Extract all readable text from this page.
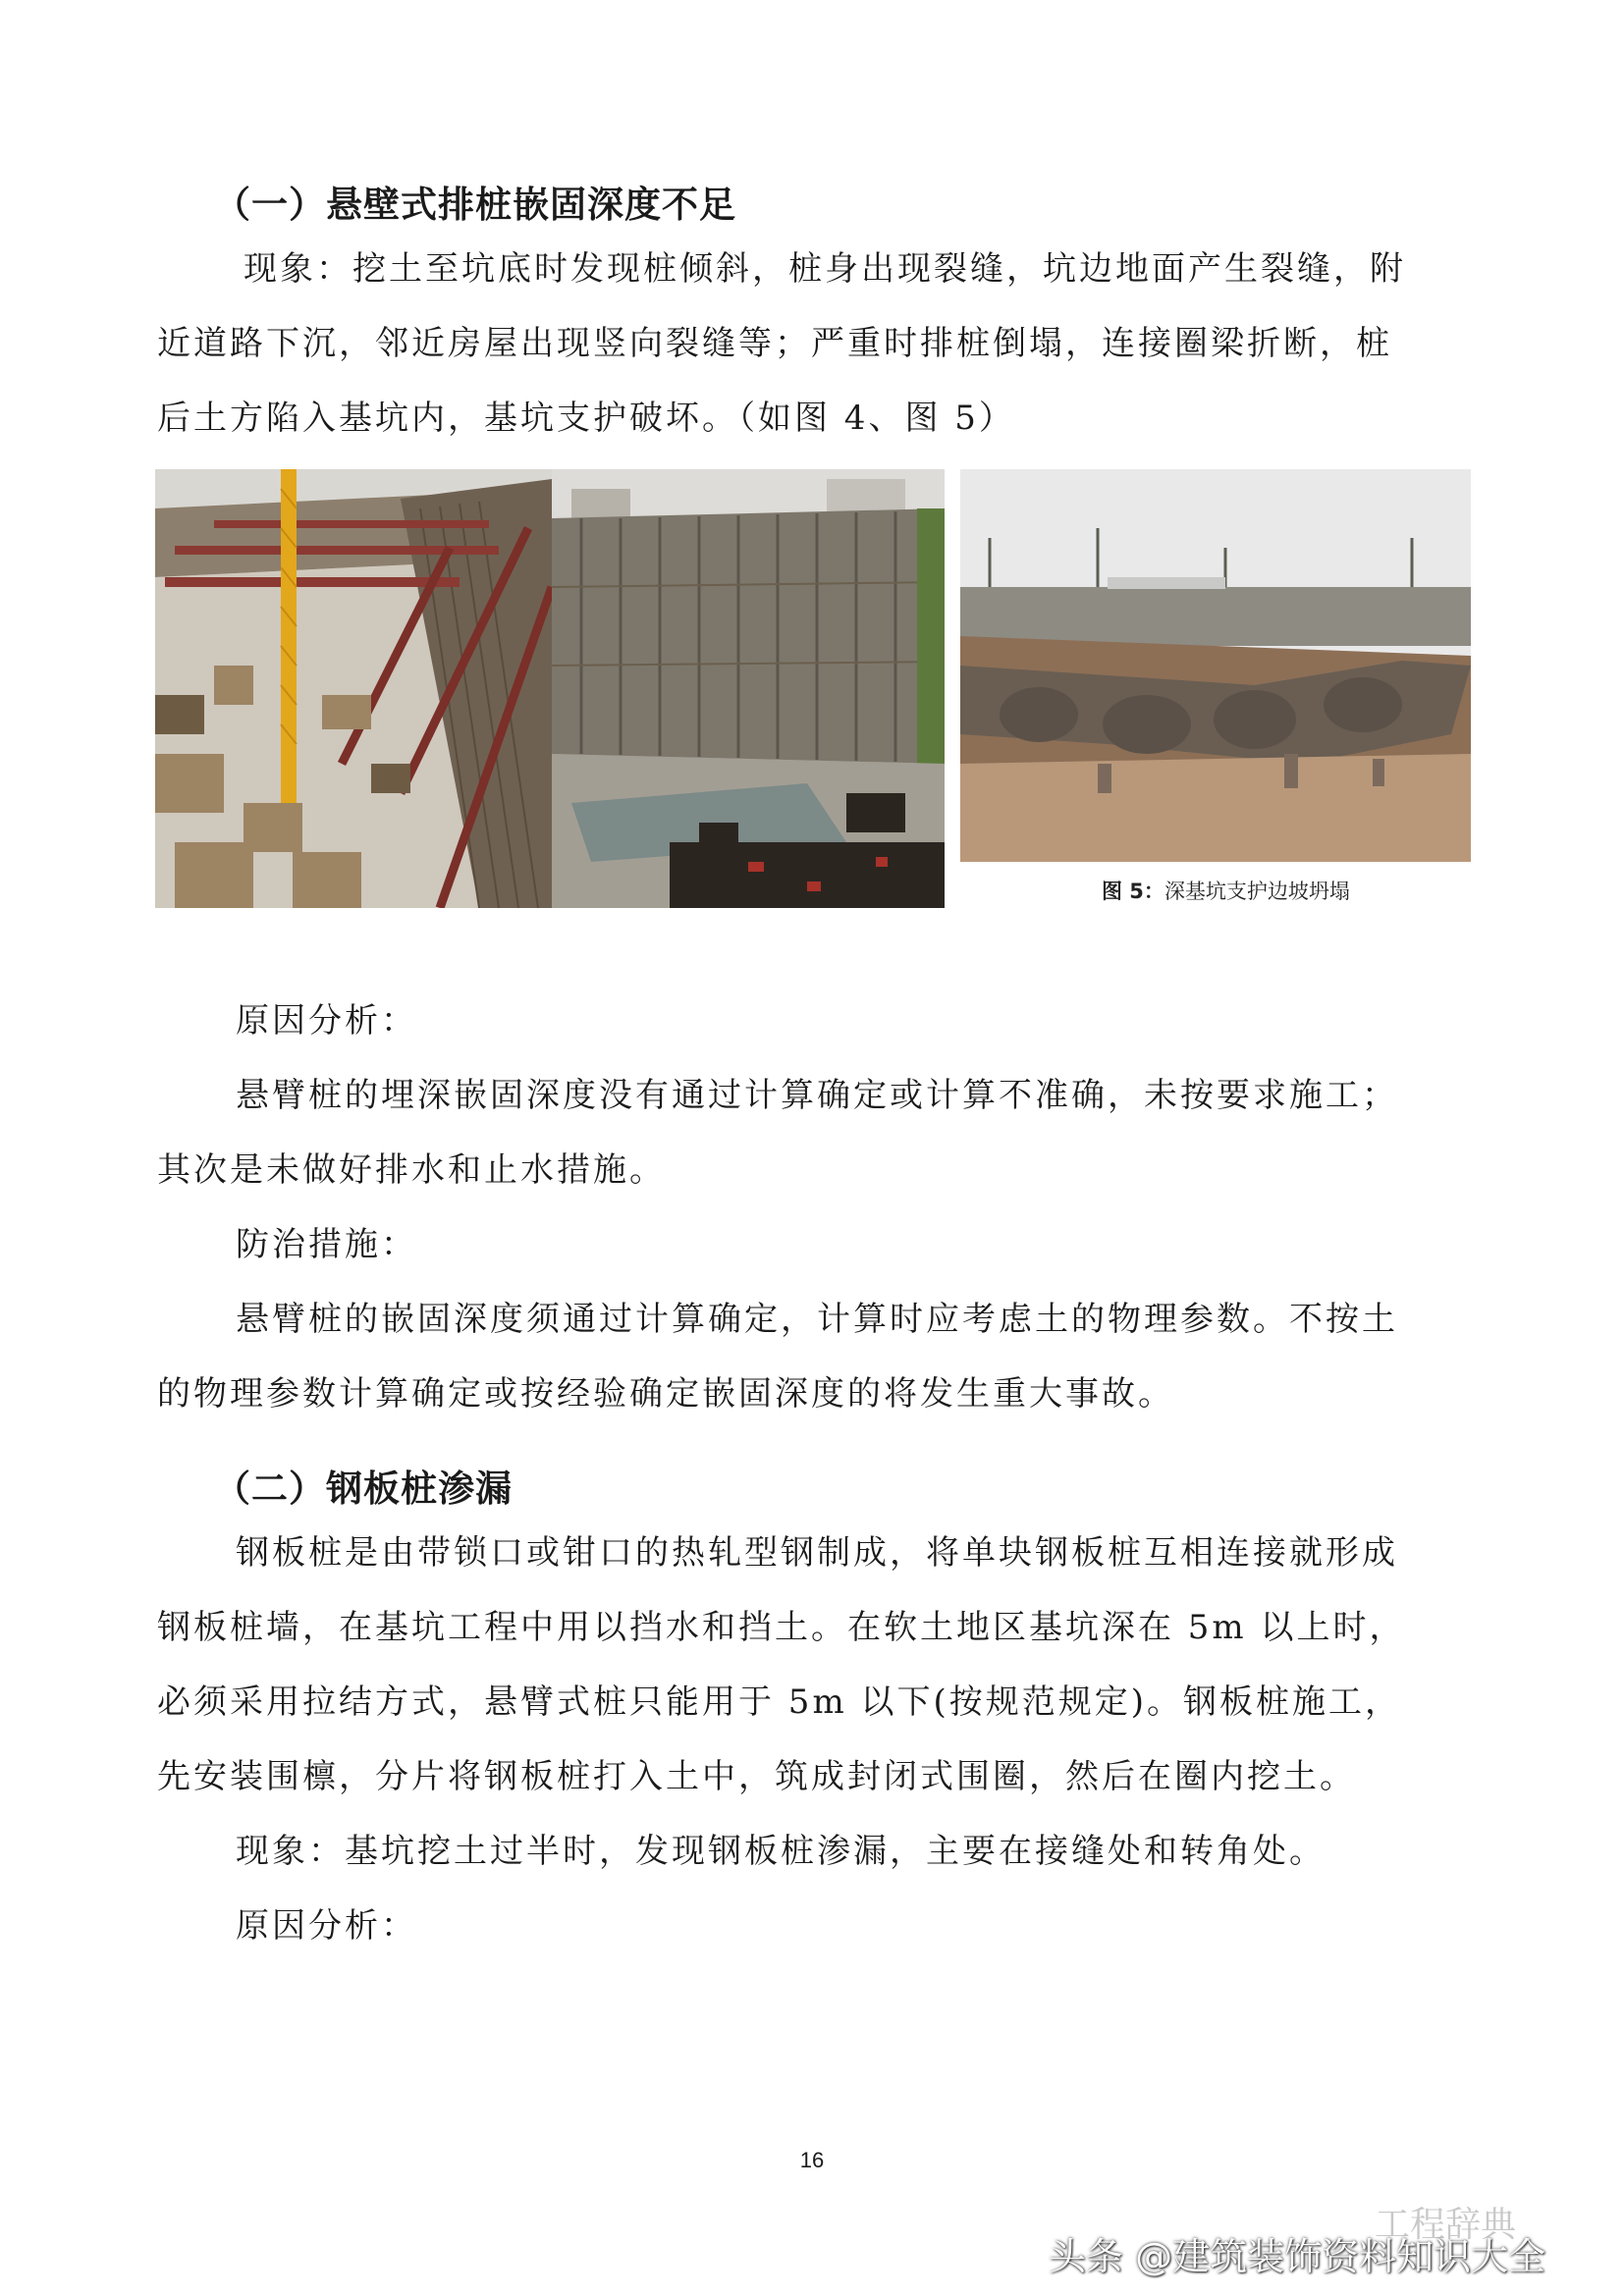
（一）悬壁式排桩嵌固深度不足
现象：挖土至坑底时发现桩倾斜，桩身出现裂缝，坑边地面产生裂缝，附
近道路下沉，邻近房屋出现竖向裂缝等；严重时排桩倒塌，连接圈梁折断，桩
后土方陷入基坑内，基坑支护破坏。（如图 4、图 5）
图 5：深基坑支护边坡坍塌
原因分析：
悬臂桩的埋深嵌固深度没有通过计算确定或计算不准确，未按要求施工；
其次是未做好排水和止水措施。
防治措施：
悬臂桩的嵌固深度须通过计算确定，计算时应考虑土的物理参数。不按土
的物理参数计算确定或按经验确定嵌固深度的将发生重大事故。
（二）钢板桩渗漏
钢板桩是由带锁口或钳口的热轧型钢制成，将单块钢板桩互相连接就形成
钢板桩墙，在基坑工程中用以挡水和挡土。在软土地区基坑深在 5m 以上时，
必须采用拉结方式，悬臂式桩只能用于 5m 以下(按规范规定)。钢板桩施工，
先安装围檩，分片将钢板桩打入土中，筑成封闭式围圈，然后在圈内挖土。
现象：基坑挖土过半时，发现钢板桩渗漏，主要在接缝处和转角处。
原因分析：
16
工程辞典
头条 @建筑装饰资料知识大全
